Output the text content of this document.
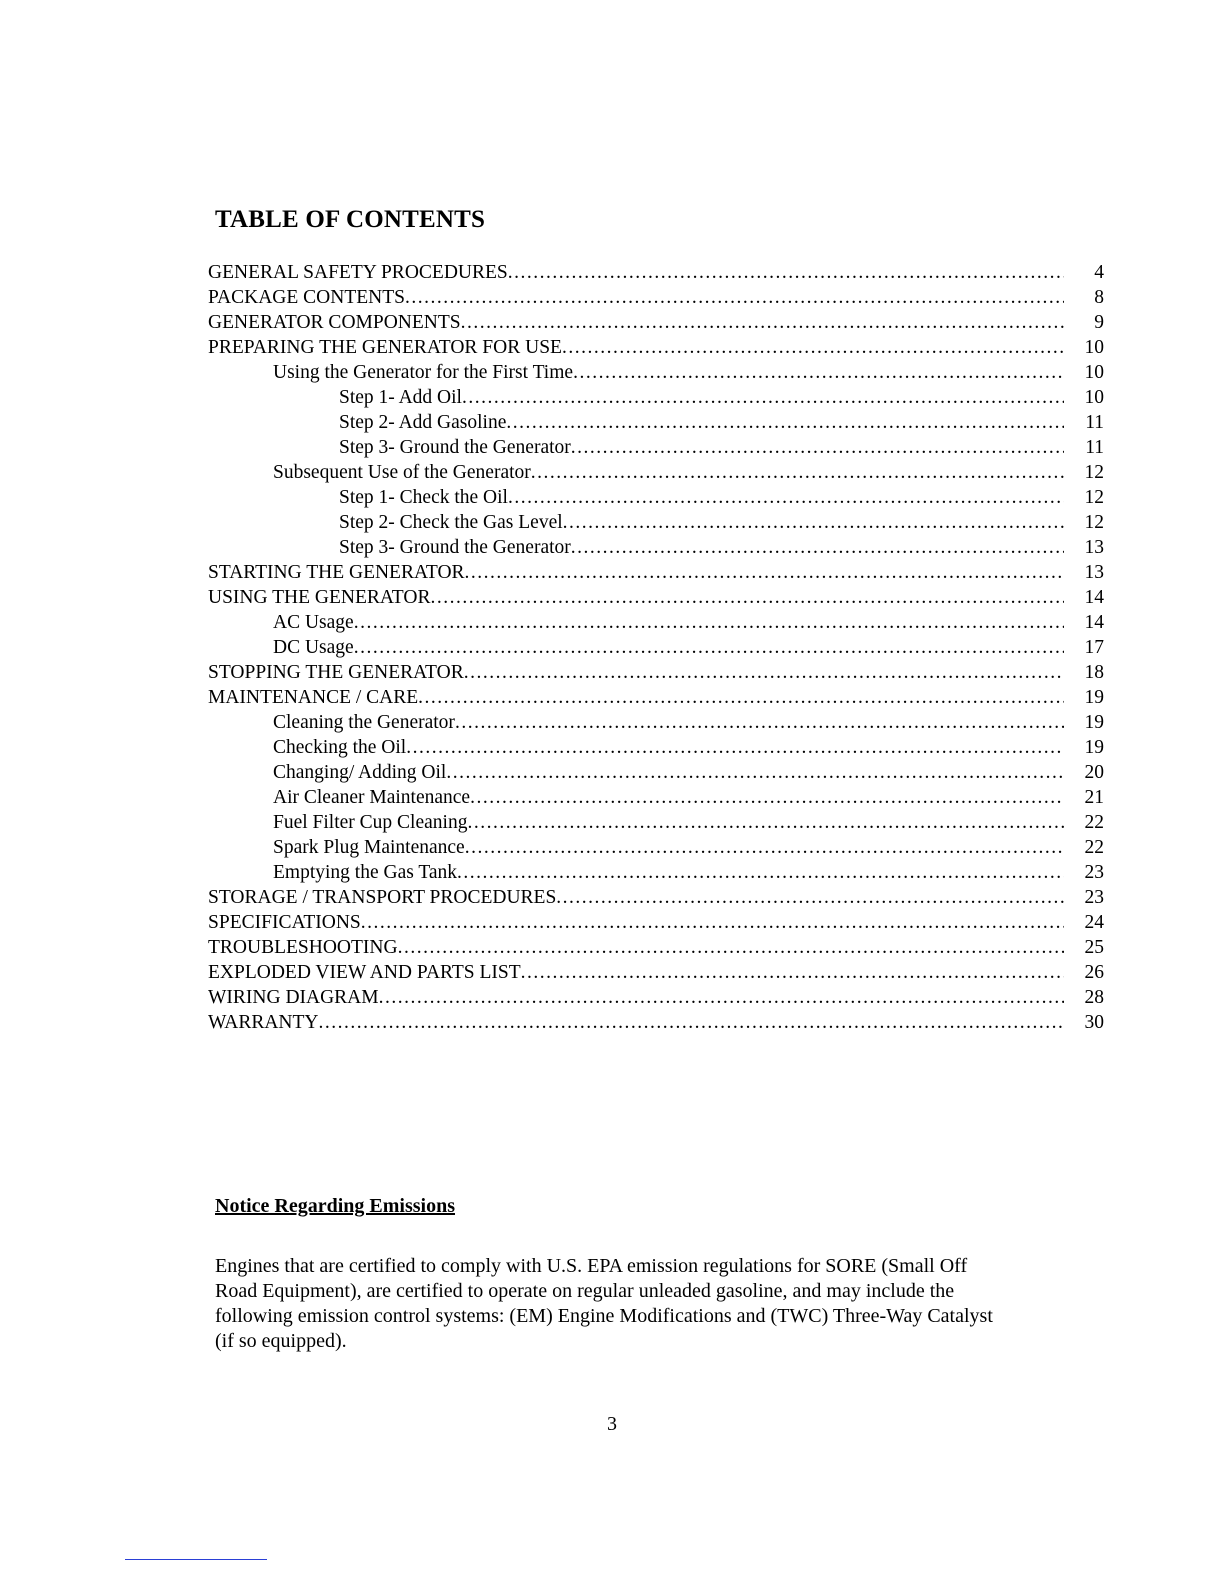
TABLE OF CONTENTS
GENERAL SAFETY PROCEDURES .....	4
PACKAGE CONTENTS .....	8
GENERATOR COMPONENTS .....	9
PREPARING THE GENERATOR FOR USE .....	10
Using the Generator for the First Time .....	10
Step 1- Add Oil .....	10
Step 2- Add Gasoline .....	11
Step 3- Ground the Generator .....	11
Subsequent Use of the Generator .....	12
Step 1- Check the Oil .....	12
Step 2- Check the Gas Level .....	12
Step 3- Ground the Generator .....	13
STARTING THE GENERATOR .....	13
USING THE GENERATOR .....	14
AC Usage .....	14
DC Usage .....	17
STOPPING THE GENERATOR .....	18
MAINTENANCE / CARE .....	19
Cleaning the Generator .....	19
Checking the Oil .....	19
Changing/ Adding Oil .....	20
Air Cleaner Maintenance .....	21
Fuel Filter Cup Cleaning .....	22
Spark Plug Maintenance .....	22
Emptying the Gas Tank .....	23
STORAGE / TRANSPORT PROCEDURES .....	23
SPECIFICATIONS .....	24
TROUBLESHOOTING .....	25
EXPLODED VIEW AND PARTS LIST .....	26
WIRING DIAGRAM .....	28
WARRANTY .....	30
Notice Regarding Emissions

Engines that are certified to comply with U.S. EPA emission regulations for SORE (Small Off Road Equipment), are certified to operate on regular unleaded gasoline, and may include the following emission control systems: (EM) Engine Modifications and (TWC) Three-Way Catalyst (if so equipped).

3
